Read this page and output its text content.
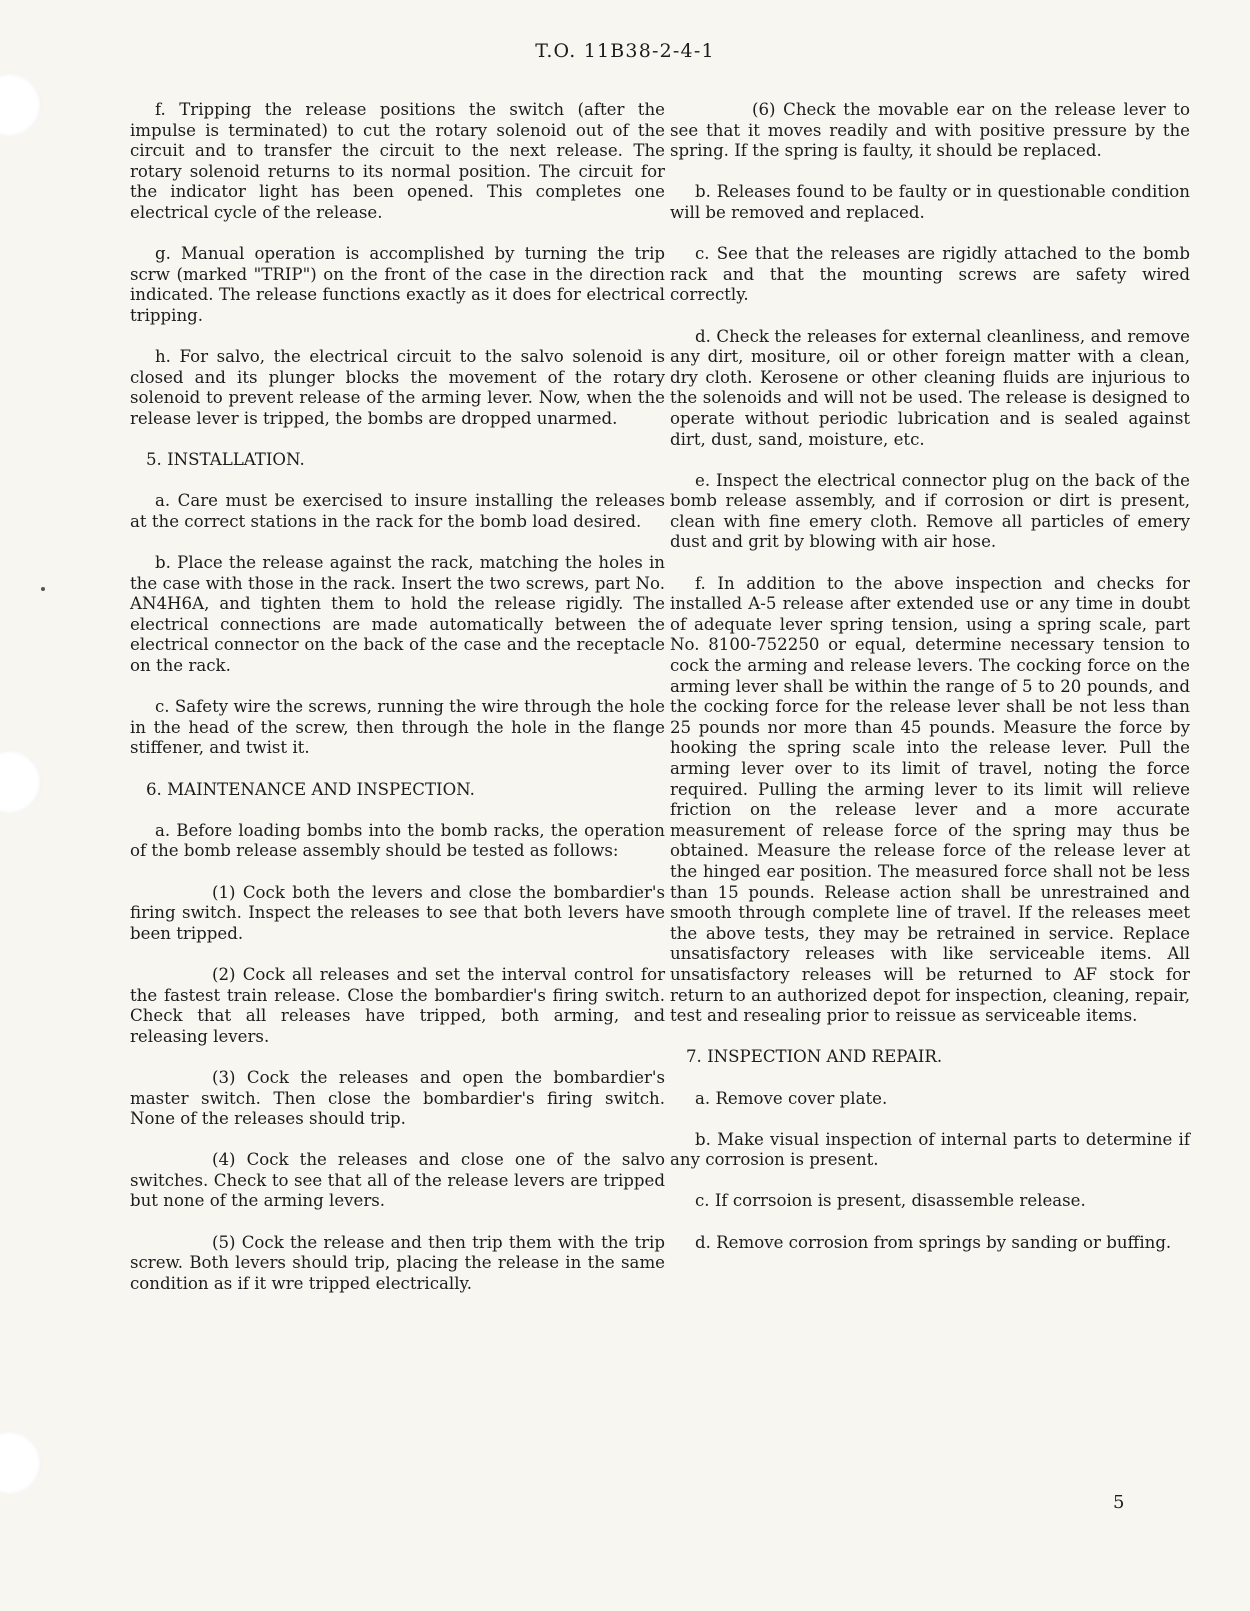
T.O. 11B38-2-4-1

f. Tripping the release positions the switch (after the impulse is terminated) to cut the rotary solenoid out of the circuit and to transfer the circuit to the next release. The rotary solenoid returns to its normal position. The circuit for the indicator light has been opened. This completes one electrical cycle of the release.

g. Manual operation is accomplished by turning the trip scrw (marked "TRIP") on the front of the case in the direction indicated. The release functions exactly as it does for electrical tripping.

h. For salvo, the electrical circuit to the salvo solenoid is closed and its plunger blocks the movement of the rotary solenoid to prevent release of the arming lever. Now, when the release lever is tripped, the bombs are dropped unarmed.

5. INSTALLATION.

a. Care must be exercised to insure installing the releases at the correct stations in the rack for the bomb load desired.

b. Place the release against the rack, matching the holes in the case with those in the rack. Insert the two screws, part No. AN4H6A, and tighten them to hold the release rigidly. The electrical connections are made automatically between the electrical connector on the back of the case and the receptacle on the rack.

c. Safety wire the screws, running the wire through the hole in the head of the screw, then through the hole in the flange stiffener, and twist it.

6. MAINTENANCE AND INSPECTION.

a. Before loading bombs into the bomb racks, the operation of the bomb release assembly should be tested as follows:

(1) Cock both the levers and close the bombardier's firing switch. Inspect the releases to see that both levers have been tripped.

(2) Cock all releases and set the interval control for the fastest train release. Close the bombardier's firing switch. Check that all releases have tripped, both arming, and releasing levers.

(3) Cock the releases and open the bombardier's master switch. Then close the bombardier's firing switch. None of the releases should trip.

(4) Cock the releases and close one of the salvo switches. Check to see that all of the release levers are tripped but none of the arming levers.

(5) Cock the release and then trip them with the trip screw. Both levers should trip, placing the release in the same condition as if it wre tripped electrically.

(6) Check the movable ear on the release lever to see that it moves readily and with positive pressure by the spring. If the spring is faulty, it should be replaced.

b. Releases found to be faulty or in questionable condition will be removed and replaced.

c. See that the releases are rigidly attached to the bomb rack and that the mounting screws are safety wired correctly.

d. Check the releases for external cleanliness, and remove any dirt, mositure, oil or other foreign matter with a clean, dry cloth. Kerosene or other cleaning fluids are injurious to the solenoids and will not be used. The release is designed to operate without periodic lubrication and is sealed against dirt, dust, sand, moisture, etc.

e. Inspect the electrical connector plug on the back of the bomb release assembly, and if corrosion or dirt is present, clean with fine emery cloth. Remove all particles of emery dust and grit by blowing with air hose.

f. In addition to the above inspection and checks for installed A-5 release after extended use or any time in doubt of adequate lever spring tension, using a spring scale, part No. 8100-752250 or equal, determine necessary tension to cock the arming and release levers. The cocking force on the arming lever shall be within the range of 5 to 20 pounds, and the cocking force for the release lever shall be not less than 25 pounds nor more than 45 pounds. Measure the force by hooking the spring scale into the release lever. Pull the arming lever over to its limit of travel, noting the force required. Pulling the arming lever to its limit will relieve friction on the release lever and a more accurate measurement of release force of the spring may thus be obtained. Measure the release force of the release lever at the hinged ear position. The measured force shall not be less than 15 pounds. Release action shall be unrestrained and smooth through complete line of travel. If the releases meet the above tests, they may be retrained in service. Replace unsatisfactory releases with like serviceable items. All unsatisfactory releases will be returned to AF stock for return to an authorized depot for inspection, cleaning, repair, test and resealing prior to reissue as serviceable items.

7. INSPECTION AND REPAIR.

a. Remove cover plate.

b. Make visual inspection of internal parts to determine if any corrosion is present.

c. If corrsoion is present, disassemble release.

d. Remove corrosion from springs by sanding or buffing.

5
